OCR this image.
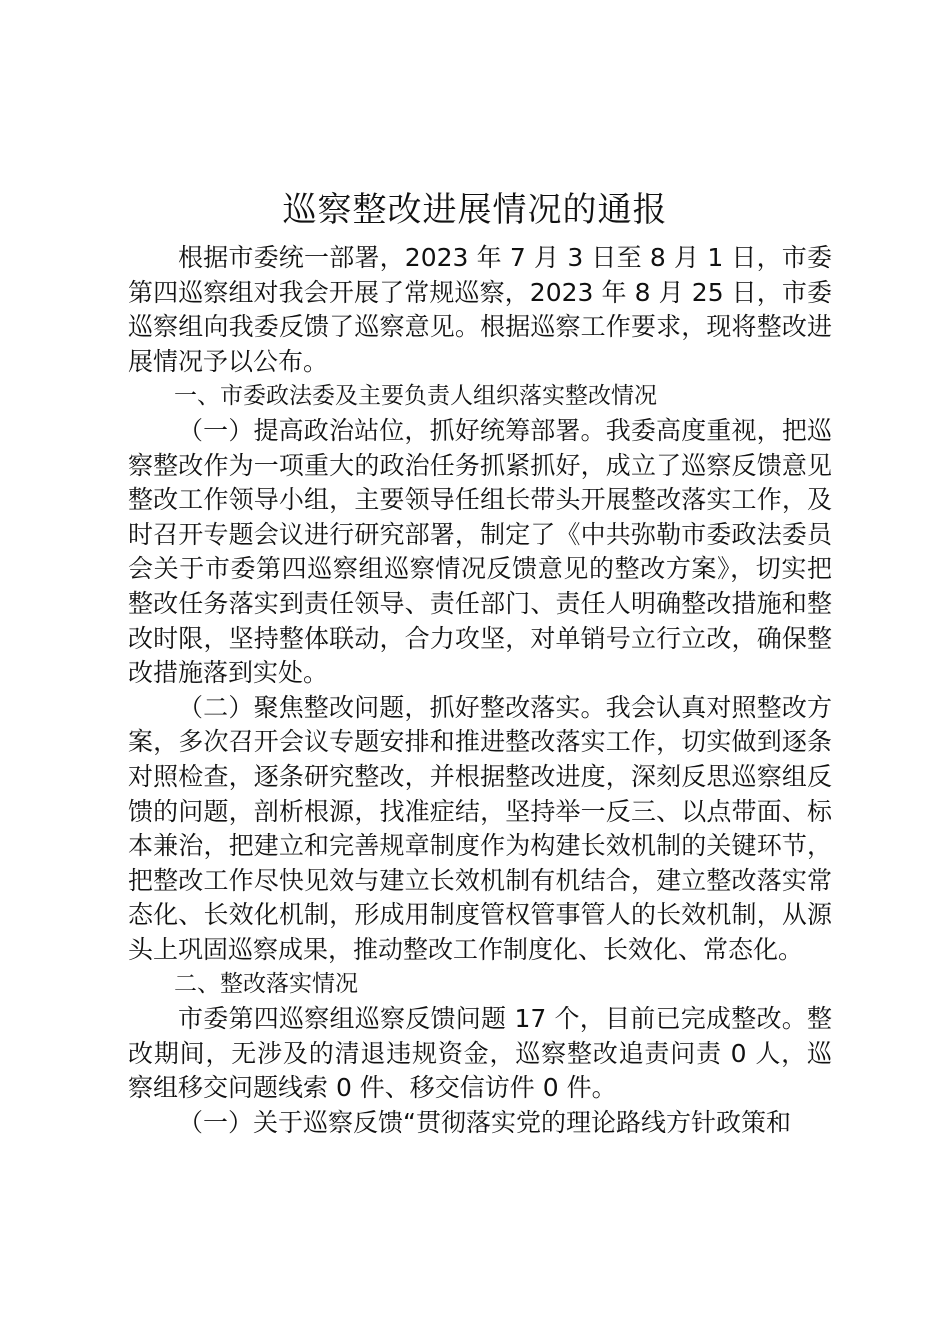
巡察整改进展情况的通报

根据市委统一部署，2023 年 7 月 3 日至 8 月 1 日，市委第四巡察组对我会开展了常规巡察，2023 年 8 月 25 日，市委巡察组向我委反馈了巡察意见。根据巡察工作要求，现将整改进展情况予以公布。

一、市委政法委及主要负责人组织落实整改情况

（一）提高政治站位，抓好统筹部署。我委高度重视，把巡察整改作为一项重大的政治任务抓紧抓好，成立了巡察反馈意见整改工作领导小组，主要领导任组长带头开展整改落实工作，及时召开专题会议进行研究部署，制定了《中共弥勒市委政法委员会关于市委第四巡察组巡察情况反馈意见的整改方案》，切实把整改任务落实到责任领导、责任部门、责任人明确整改措施和整改时限，坚持整体联动，合力攻坚，对单销号立行立改，确保整改措施落到实处。

（二）聚焦整改问题，抓好整改落实。我会认真对照整改方案，多次召开会议专题安排和推进整改落实工作，切实做到逐条对照检查，逐条研究整改，并根据整改进度，深刻反思巡察组反馈的问题，剖析根源，找准症结，坚持举一反三、以点带面、标本兼治，把建立和完善规章制度作为构建长效机制的关键环节，把整改工作尽快见效与建立长效机制有机结合，建立整改落实常态化、长效化机制，形成用制度管权管事管人的长效机制，从源头上巩固巡察成果，推动整改工作制度化、长效化、常态化。

二、整改落实情况

市委第四巡察组巡察反馈问题 17 个，目前已完成整改。整改期间，无涉及的清退违规资金，巡察整改追责问责 0 人，巡察组移交问题线索 0 件、移交信访件 0 件。

（一）关于巡察反馈“贯彻落实党的理论路线方针政策和
